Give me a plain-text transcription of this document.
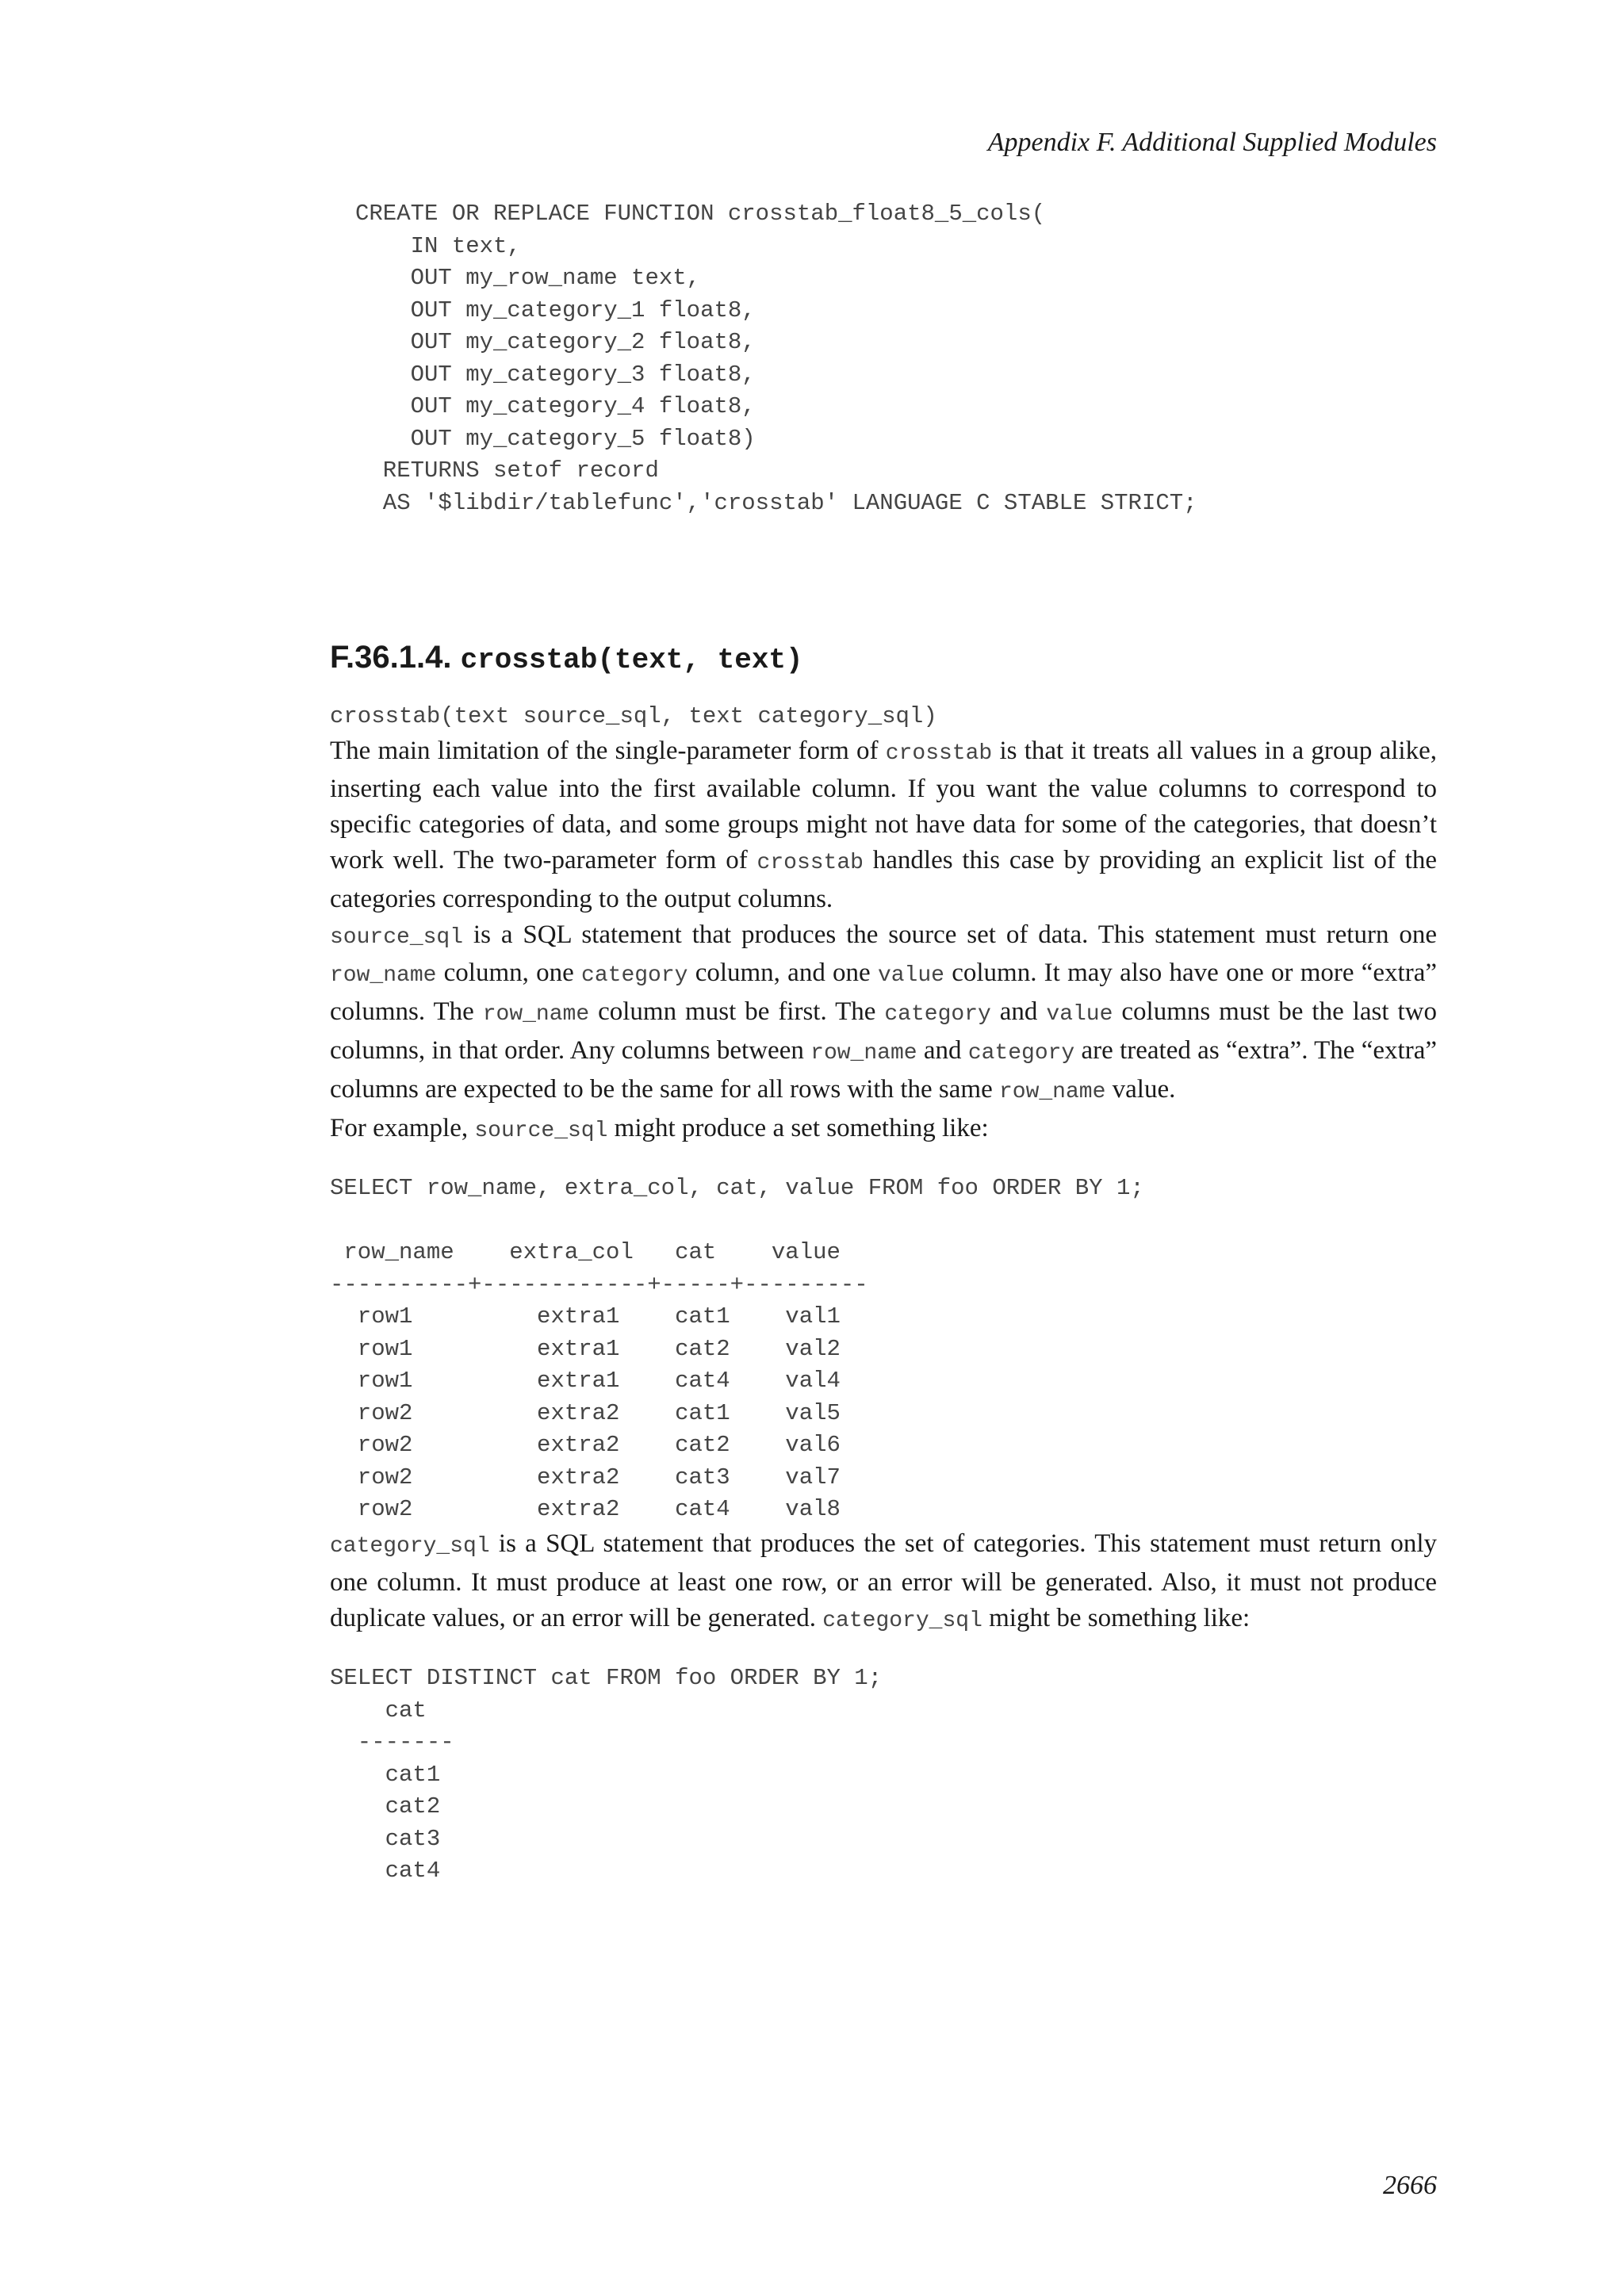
Appendix F. Additional Supplied Modules
CREATE OR REPLACE FUNCTION crosstab_float8_5_cols(
IN text,
OUT my_row_name text,
OUT my_category_1 float8,
OUT my_category_2 float8,
OUT my_category_3 float8,
OUT my_category_4 float8,
OUT my_category_5 float8)
RETURNS setof record
AS '$libdir/tablefunc','crosstab' LANGUAGE C STABLE STRICT;
F.36.1.4. crosstab(text, text)
crosstab(text source_sql, text category_sql)

The main limitation of the single-parameter form of crosstab is that it treats all values in a group alike, inserting each value into the first available column. If you want the value columns to correspond to specific categories of data, and some groups might not have data for some of the categories, that doesn’t work well. The two-parameter form of crosstab handles this case by providing an explicit list of the categories corresponding to the output columns.

source_sql is a SQL statement that produces the source set of data. This statement must return one row_name column, one category column, and one value column. It may also have one or more “extra” columns. The row_name column must be first. The category and value columns must be the last two columns, in that order. Any columns between row_name and category are treated as “extra”. The “extra” columns are expected to be the same for all rows with the same row_name value.

For example, source_sql might produce a set something like:

SELECT row_name, extra_col, cat, value FROM foo ORDER BY 1;

row_name    extra_col   cat    value
----------+------------+-----+---------
row1         extra1    cat1    val1
row1         extra1    cat2    val2
row1         extra1    cat4    val4
row2         extra2    cat1    val5
row2         extra2    cat2    val6
row2         extra2    cat3    val7
row2         extra2    cat4    val8

category_sql is a SQL statement that produces the set of categories. This statement must return only one column. It must produce at least one row, or an error will be generated. Also, it must not produce duplicate values, or an error will be generated. category_sql might be something like:

SELECT DISTINCT cat FROM foo ORDER BY 1;
cat
-------
cat1
cat2
cat3
cat4
2666
